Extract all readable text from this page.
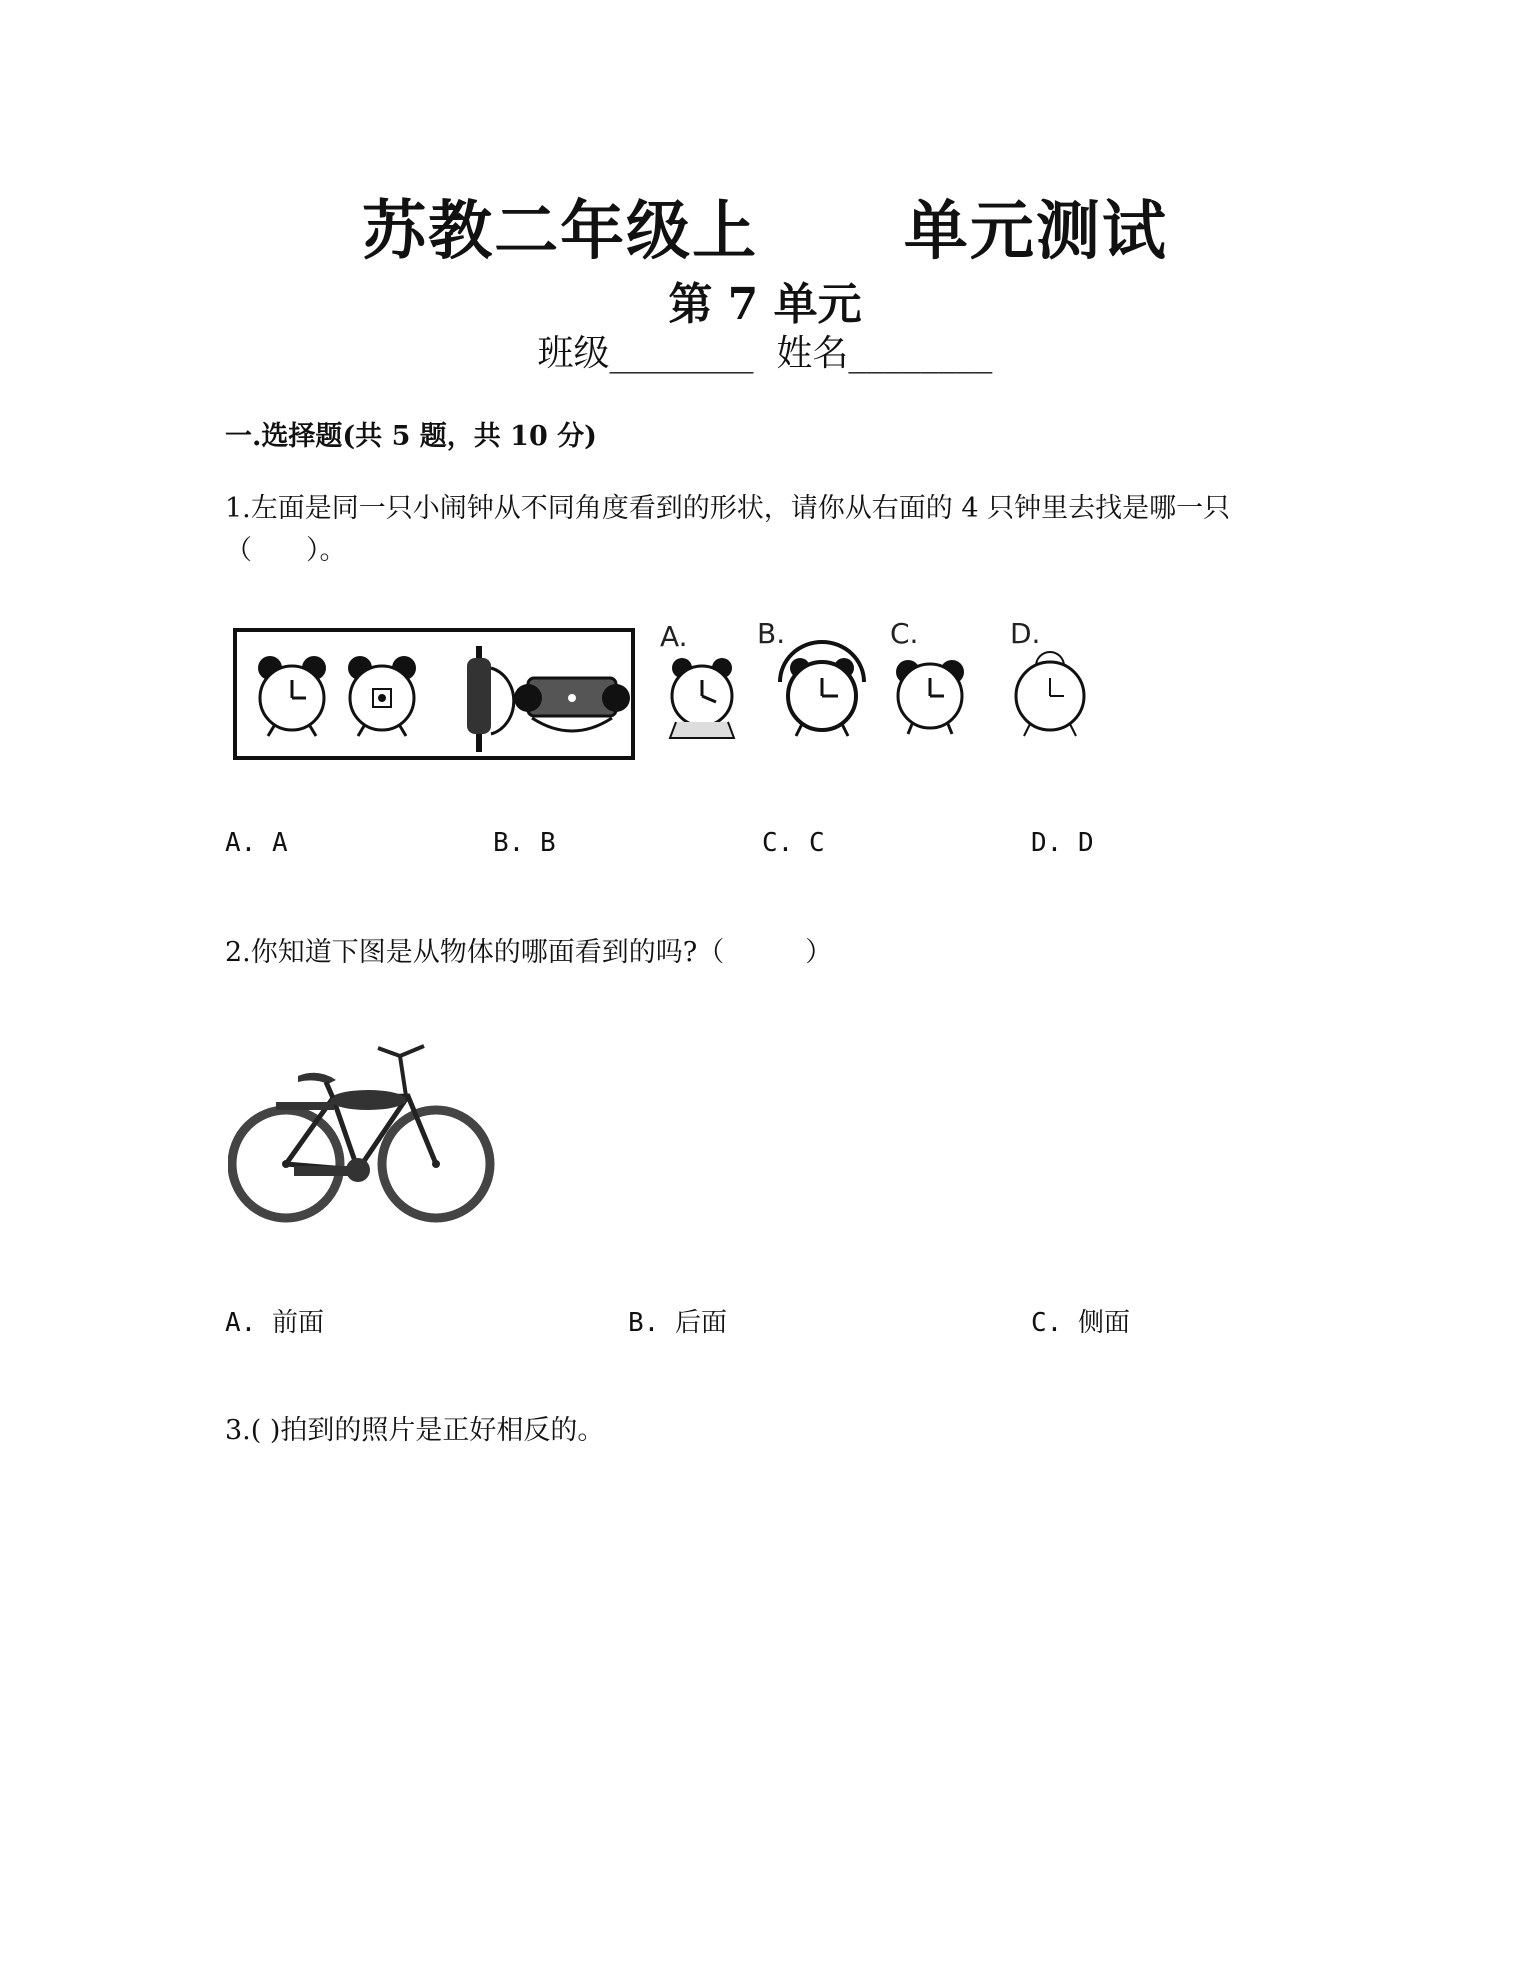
苏教二年级上      单元测试
第 7 单元
班级________  姓名________
一.选择题(共 5 题，共 10 分)
1.左面是同一只小闹钟从不同角度看到的形状，请你从右面的 4 只钟里去找是哪一只（　　）。
A. B.	C.	D.
A. A	B. B	C. C	D. D
2.你知道下图是从物体的哪面看到的吗?（　　　）
A. 前面	B. 后面	C. 侧面
3.( )拍到的照片是正好相反的。
